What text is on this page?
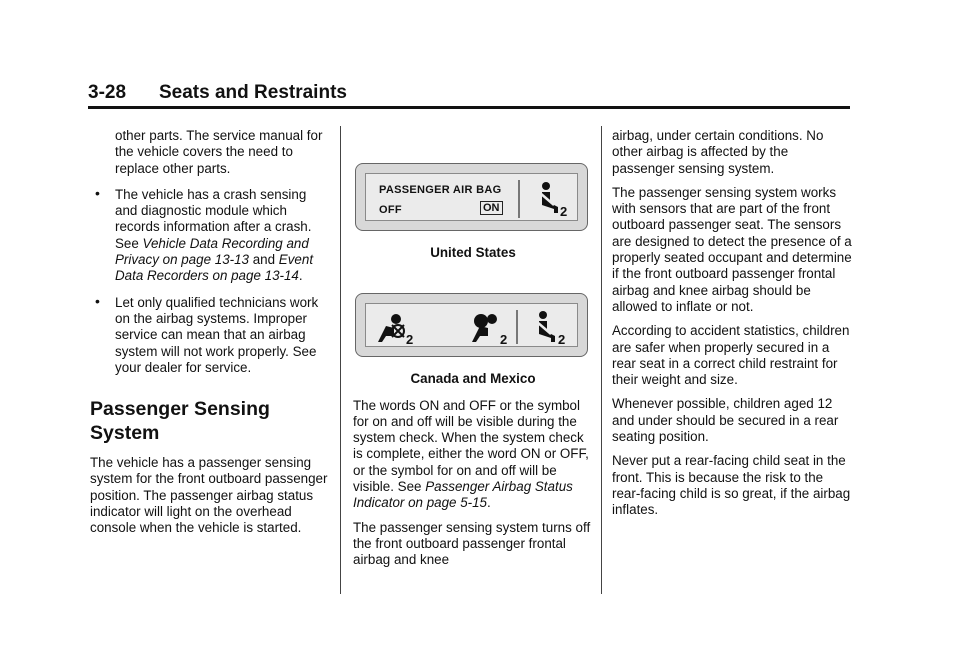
3-28 Seats and Restraints

other parts. The service manual for the vehicle covers the need to replace other parts.

• The vehicle has a crash sensing and diagnostic module which records information after a crash. See Vehicle Data Recording and Privacy on page 13-13 and Event Data Recorders on page 13-14.
• Let only qualified technicians work on the airbag systems. Improper service can mean that an airbag system will not work properly. See your dealer for service.
Passenger Sensing System

The vehicle has a passenger sensing system for the front outboard passenger position. The passenger airbag status indicator will light on the overhead console when the vehicle is started.

PASSENGER AIR BAG
OFF	ON	2

United States

2	2	2

Canada and Mexico

The words ON and OFF or the symbol for on and off will be visible during the system check. When the system check is complete, either the word ON or OFF, or the symbol for on and off will be visible. See Passenger Airbag Status Indicator on page 5-15.

The passenger sensing system turns off the front outboard passenger frontal airbag and knee

airbag, under certain conditions. No other airbag is affected by the passenger sensing system.

The passenger sensing system works with sensors that are part of the front outboard passenger seat. The sensors are designed to detect the presence of a properly seated occupant and determine if the front outboard passenger frontal airbag and knee airbag should be allowed to inflate or not.

According to accident statistics, children are safer when properly secured in a rear seat in a correct child restraint for their weight and size.

Whenever possible, children aged 12 and under should be secured in a rear seating position.

Never put a rear-facing child seat in the front. This is because the risk to the rear-facing child is so great, if the airbag inflates.
